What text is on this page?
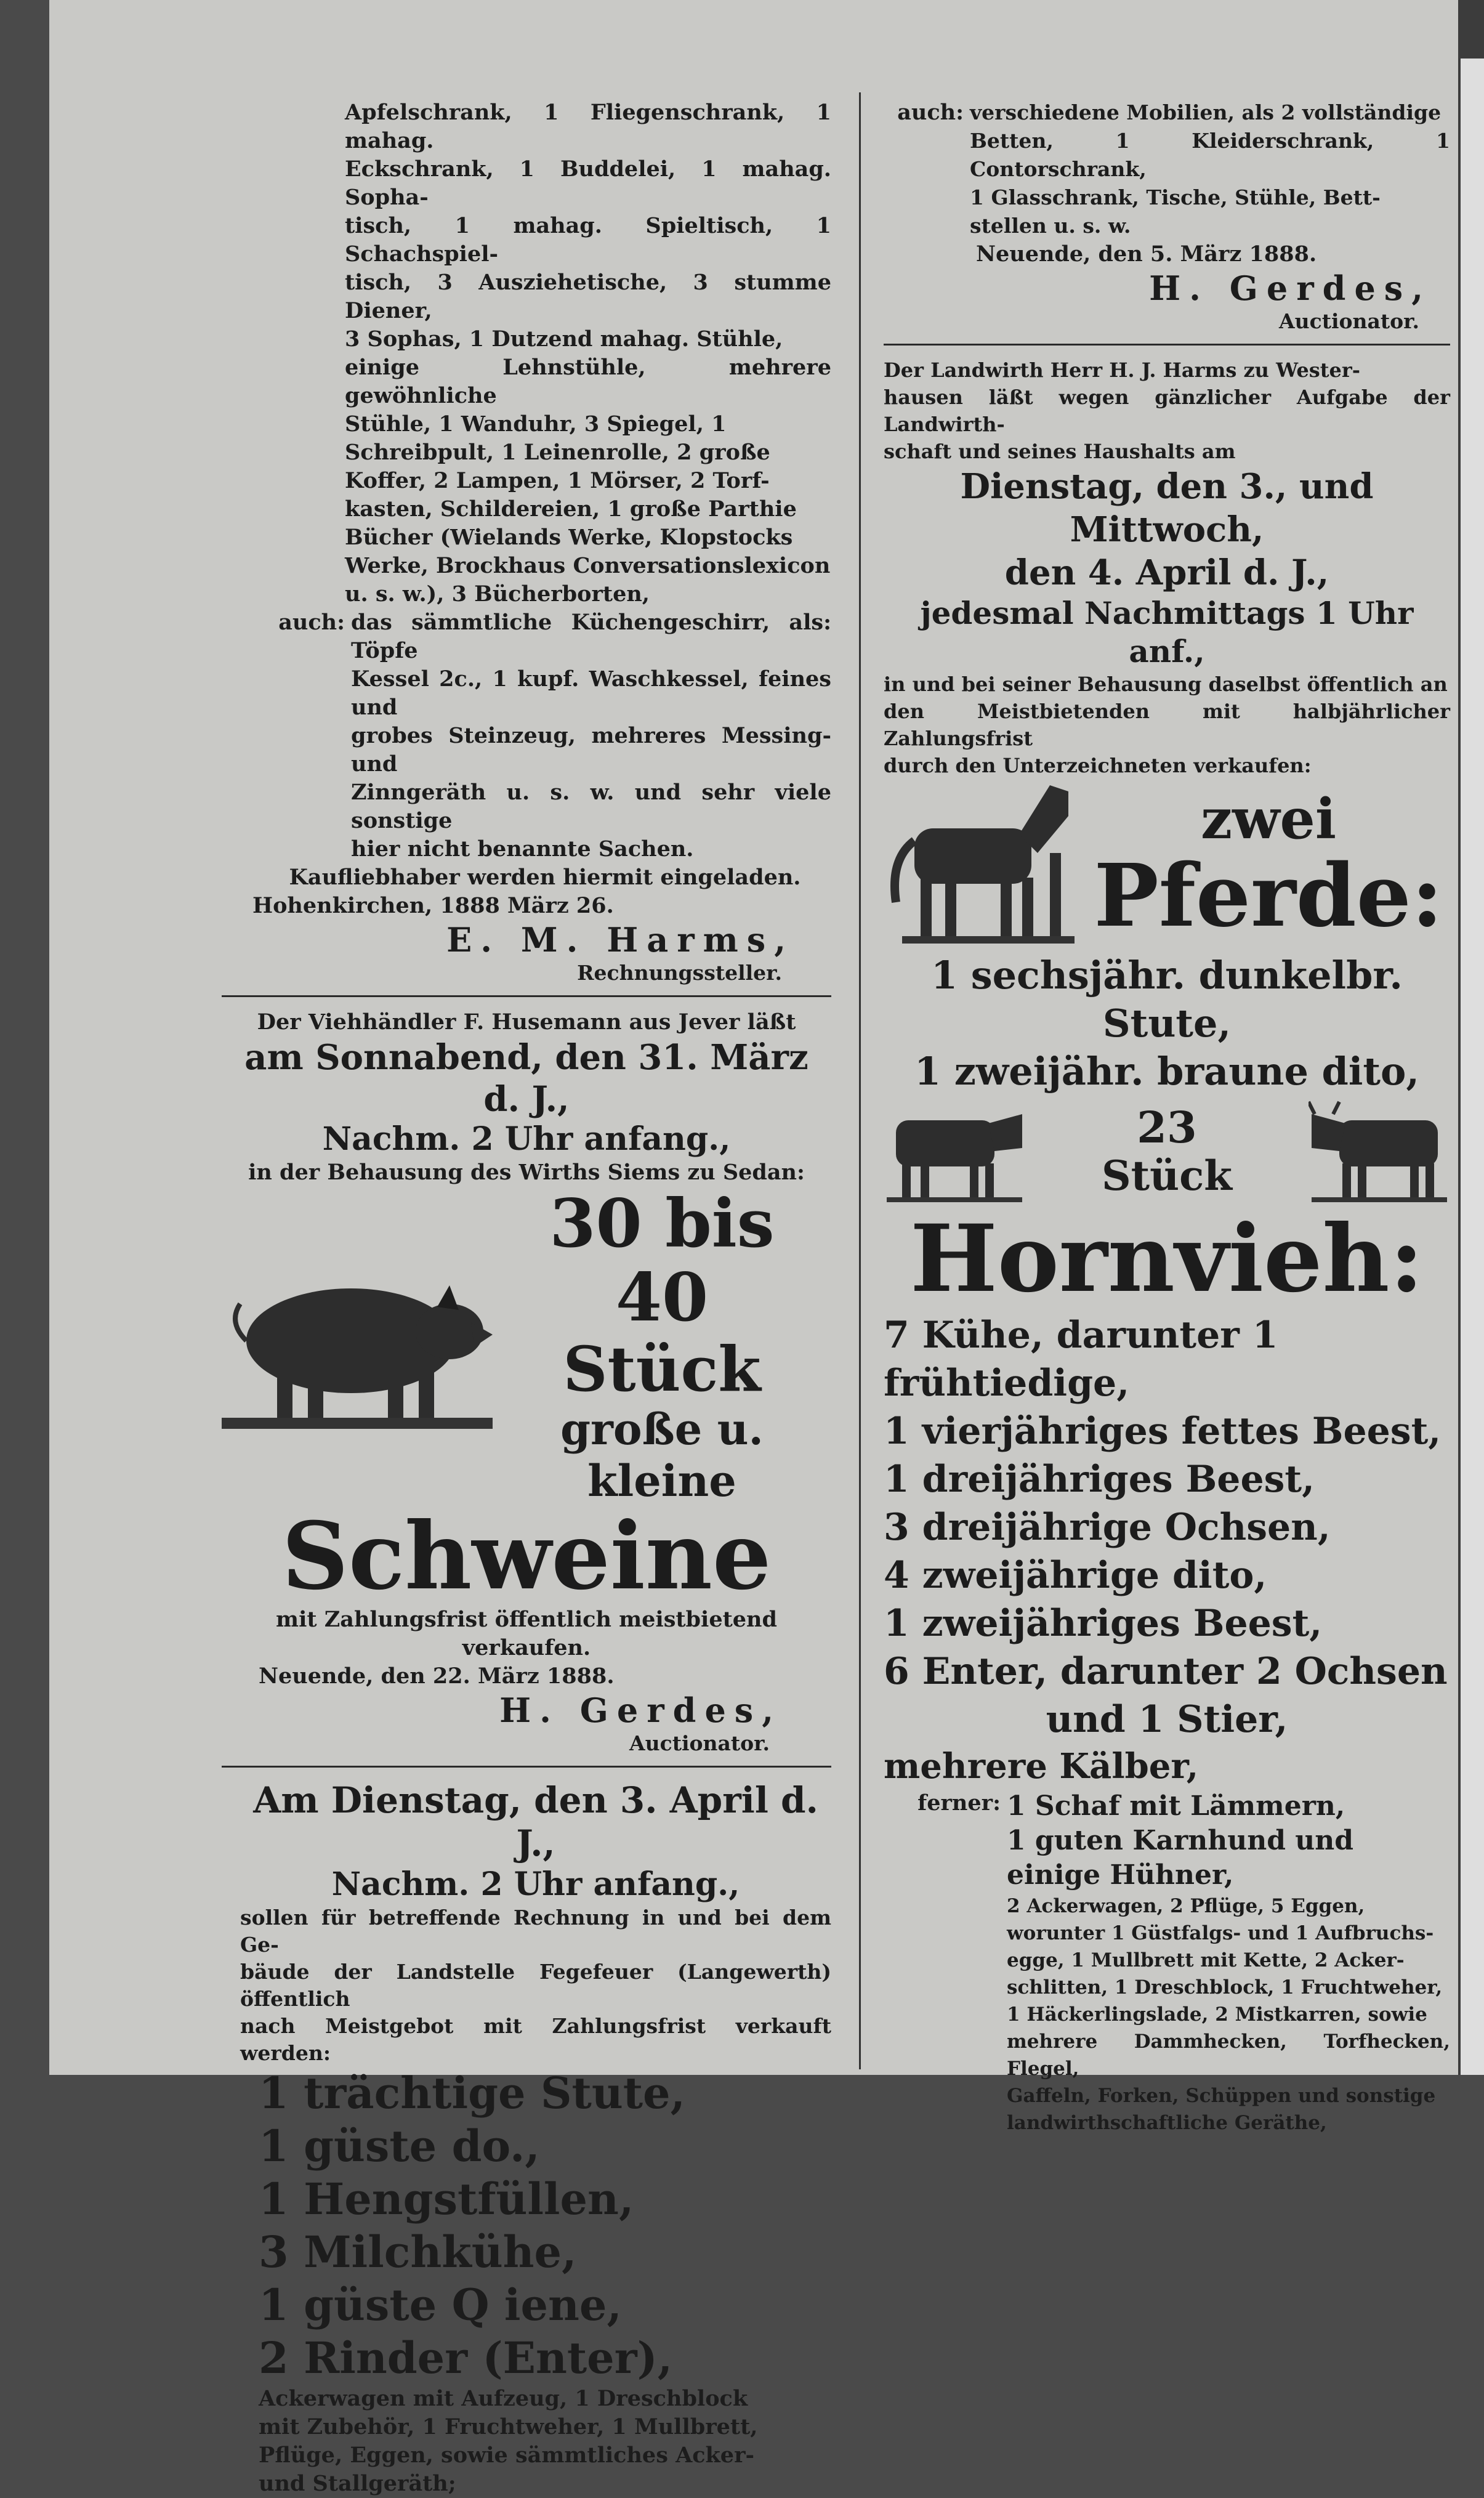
Apfelschrank, 1 Fliegenschrank, 1 mahag.

Eckschrank, 1 Buddelei, 1 mahag. Sopha-

tisch, 1 mahag. Spieltisch, 1 Schachspiel-

tisch, 3 Ausziehetische, 3 stumme Diener,

3 Sophas, 1 Dutzend mahag. Stühle,

einige Lehnstühle, mehrere gewöhnliche

Stühle, 1 Wanduhr, 3 Spiegel, 1

Schreibpult, 1 Leinenrolle, 2 große

Koffer, 2 Lampen, 1 Mörser, 2 Torf-

kasten, Schildereien, 1 große Parthie

Bücher (Wielands Werke, Klopstocks

Werke, Brockhaus Conversationslexicon

u. s. w.), 3 Bücherborten,

auch: das sämmtliche Küchengeschirr, als: Töpfe

Kessel 2c., 1 kupf. Waschkessel, feines und

grobes Steinzeug, mehreres Messing- und

Zinngeräth u. s. w. und sehr viele sonstige

hier nicht benannte Sachen.

Kaufliebhaber werden hiermit eingeladen.

Hohenkirchen, 1888 März 26.

E. M. Harms,

Rechnungssteller.

Der Viehhändler F. Husemann aus Jever läßt

am Sonnabend, den 31. März d. J.,

Nachm. 2 Uhr anfang.,

in der Behausung des Wirths Siems zu Sedan:

30 bis 40

Stück

große u. kleine

Schweine

mit Zahlungsfrist öffentlich meistbietend verkaufen.

Neuende, den 22. März 1888.

H. Gerdes,

Auctionator.

Am Dienstag, den 3. April d. J.,

Nachm. 2 Uhr anfang.,

sollen für betreffende Rechnung in und bei dem Ge-

bäude der Landstelle Fegefeuer (Langewerth) öffentlich

nach Meistgebot mit Zahlungsfrist verkauft werden:

1 trächtige Stute,

1 güste do.,

1 Hengstfüllen,

3 Milchkühe,

1 güste Q iene,

2 Rinder (Enter),

Ackerwagen mit Aufzeug, 1 Dreschblock

mit Zubehör, 1 Fruchtweher, 1 Mullbrett,

Pflüge, Eggen, sowie sämmtliches Acker-

und Stallgeräth;

auch: verschiedene Mobilien, als 2 vollständige

Betten, 1 Kleiderschrank, 1 Contorschrank,

1 Glasschrank, Tische, Stühle, Bett-

stellen u. s. w.

Neuende, den 5. März 1888.

H. Gerdes,

Auctionator.

Der Landwirth Herr H. J. Harms zu Wester-

hausen läßt wegen gänzlicher Aufgabe der Landwirth-

schaft und seines Haushalts am

Dienstag, den 3., und Mittwoch,

den 4. April d. J.,

jedesmal Nachmittags 1 Uhr anf.,

in und bei seiner Behausung daselbst öffentlich an

den Meistbietenden mit halbjährlicher Zahlungsfrist

durch den Unterzeichneten verkaufen:

zwei

Pferde:

1 sechsjähr. dunkelbr. Stute,

1 zweijähr. braune dito,

23

Stück

Hornvieh:

7 Kühe, darunter 1 frühtiedige,

1 vierjähriges fettes Beest,

1 dreijähriges Beest,

3 dreijährige Ochsen,

4 zweijährige dito,

1 zweijähriges Beest,

6 Enter, darunter 2 Ochsen

und 1 Stier,

mehrere Kälber,

ferner: 1 Schaf mit Lämmern,

1 guten Karnhund und

einige Hühner,

2 Ackerwagen, 2 Pflüge, 5 Eggen,

worunter 1 Güstfalgs- und 1 Aufbruchs-

egge, 1 Mullbrett mit Kette, 2 Acker-

schlitten, 1 Dreschblock, 1 Fruchtweher,

1 Häckerlingslade, 2 Mistkarren, sowie

mehrere Dammhecken, Torfhecken, Flegel,

Gaffeln, Forken, Schüppen und sonstige

landwirthschaftliche Geräthe,
